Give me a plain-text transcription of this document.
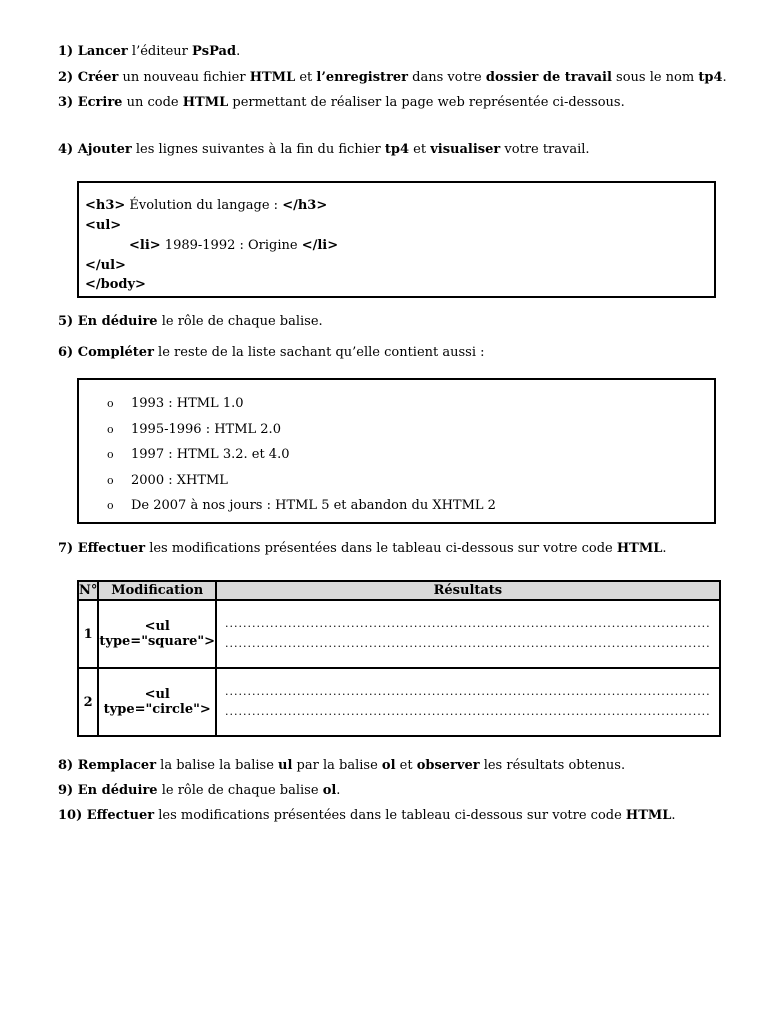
1) Lancer l’éditeur PsPad.
2) Créer un nouveau fichier HTML et l’enregistrer dans votre dossier de travail sous le nom tp4.
3) Ecrire un code HTML permettant de réaliser la page web représentée ci-dessous.
4) Ajouter les lignes suivantes à la fin du fichier tp4 et visualiser votre travail.
<h3> Évolution du langage : </h3>
<ul>
<li> 1989-1992 : Origine </li>
</ul>
</body>
5) En déduire le rôle de chaque balise.
6) Compléter le reste de la liste sachant qu’elle contient aussi :
o 1993 : HTML 1.0
o 1995-1996 : HTML 2.0
o 1997 : HTML 3.2. et 4.0
o 2000 : XHTML
o De 2007 à nos jours : HTML 5 et abandon du XHTML 2
7) Effectuer les modifications présentées dans le tableau ci-dessous sur votre code HTML.
N°	Modification	Résultats
1	<ul type="square">	............................................................................................................
............................................................................................................

2	<ul type="circle">	............................................................................................................
............................................................................................................
8) Remplacer la balise la balise ul par la balise ol et observer les résultats obtenus.
9) En déduire le rôle de chaque balise ol.
10) Effectuer les modifications présentées dans le tableau ci-dessous sur votre code HTML.
